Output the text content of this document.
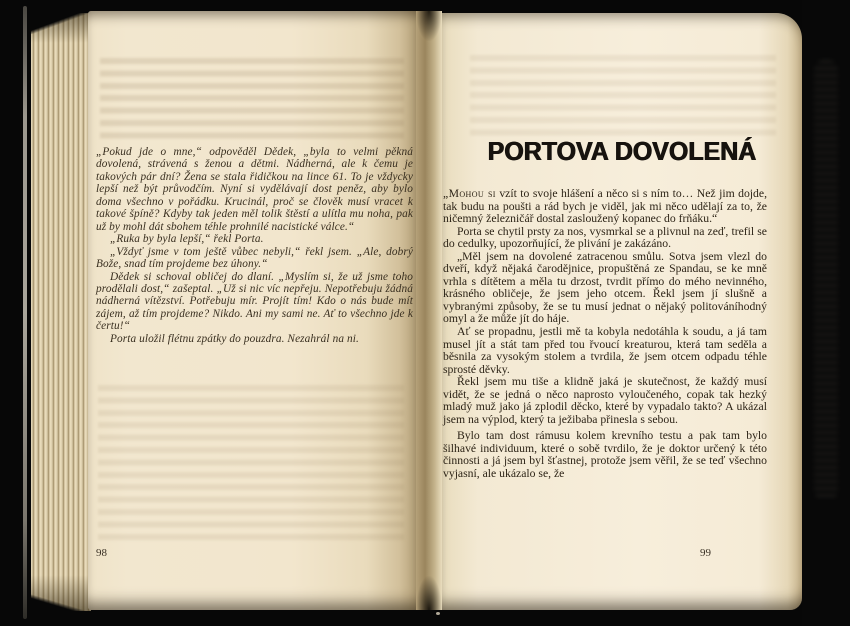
„Pokud jde o mne,“ odpověděl Dědek, „byla to velmi pěkná dovolená, strávená s ženou a dětmi. Nádherná, ale k čemu je takových pár dní? Žena se stala řidičkou na lince 61. To je vždycky lepší než být průvodčím. Nyní si vydělávají dost peněz, aby bylo doma všechno v pořádku. Krucinál, proč se člověk musí vracet k takové špíně? Kdyby tak jeden měl tolik štěstí a ulítla mu noha, pak už by mohl dát sbohem téhle prohnilé nacistické válce.“

„Ruka by byla lepší,“ řekl Porta.

„Vždyť jsme v tom ještě vůbec nebyli,“ řekl jsem. „Ale, dobrý Bože, snad tím projdeme bez úhony.“

Dědek si schoval obličej do dlaní. „Myslím si, že už jsme toho prodělali dost,“ zašeptal. „Už si nic víc nepřeju. Nepotřebuju žádná nádherná vítězství. Potřebuju mír. Projít tím! Kdo o nás bude mít zájem, až tím projdeme? Nikdo. Ani my sami ne. Ať to všechno jde k čertu!“

Porta uložil flétnu zpátky do pouzdra. Nezahrál na ni.

98
PORTOVA DOVOLENÁ

„Mohou si vzít to svoje hlášení a něco si s ním to… Než jim dojde, tak budu na poušti a rád bych je viděl, jak mi něco udělají za to, že ničemný železničář dostal zasloužený kopanec do frňáku.“

Porta se chytil prsty za nos, vysmrkal se a plivnul na zeď, trefil se do cedulky, upozorňující, že plivání je zakázáno.

„Měl jsem na dovolené zatracenou smůlu. Sotva jsem vlezl do dveří, když nějaká čarodějnice, propuštěná ze Spandau, se ke mně vrhla s dítětem a měla tu drzost, tvrdit přímo do mého nevinného, krásného obličeje, že jsem jeho otcem. Řekl jsem jí slušně a vybranými způsoby, že se tu musí jednat o nějaký politováníhodný omyl a že může jít do háje.

Ať se propadnu, jestli mě ta kobyla nedotáhla k soudu, a já tam musel jít a stát tam před tou řvoucí kreaturou, která tam seděla a běsnila za vysokým stolem a tvrdila, že jsem otcem odpadu téhle sprosté děvky.

Řekl jsem mu tiše a klidně jaká je skutečnost, že každý musí vidět, že se jedná o něco naprosto vyloučeného, copak tak hezký mladý muž jako já zplodil děcko, které by vypadalo takto? A ukázal jsem na výplod, který ta ježibaba přinesla s sebou.

Bylo tam dost rámusu kolem krevního testu a pak tam bylo šilhavé individuum, které o sobě tvrdilo, že je doktor určený k této činnosti a já jsem byl šťastnej, protože jsem věřil, že se teď všechno vyjasní, ale ukázalo se, že

99
